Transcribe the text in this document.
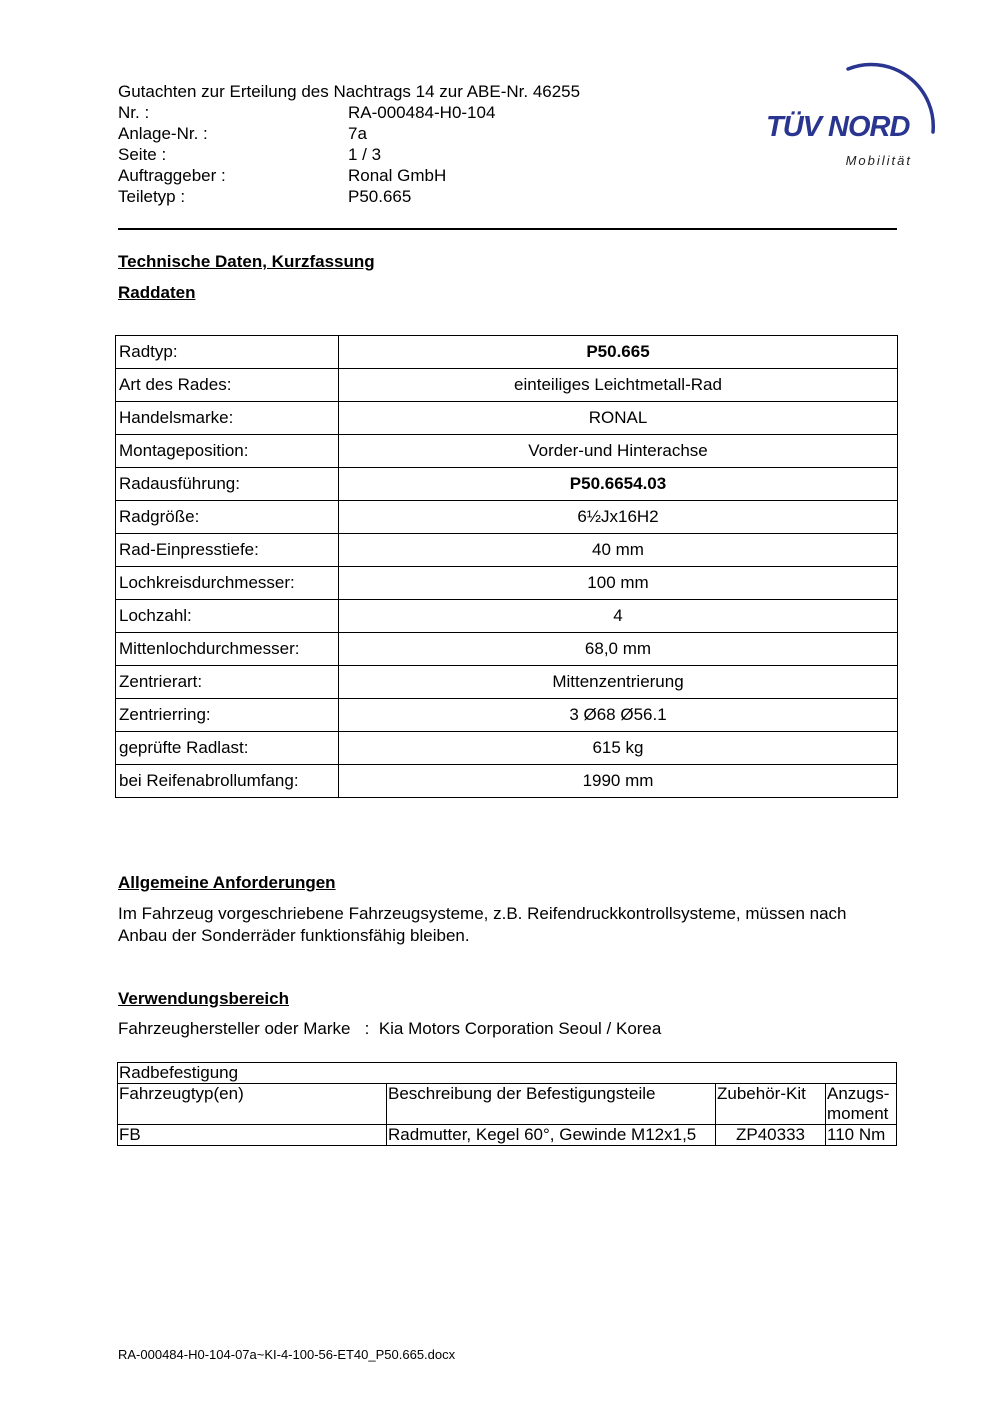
Gutachten zur Erteilung des Nachtrags 14 zur ABE-Nr. 46255
Nr. :	RA-000484-H0-104
Anlage-Nr. :	7a
Seite :	1 / 3
Auftraggeber :	Ronal GmbH
Teiletyp :	P50.665
TÜV NORD
Mobilität
Technische Daten, Kurzfassung
Raddaten
Radtyp:	P50.665
Art des Rades:	einteiliges Leichtmetall-Rad
Handelsmarke:	RONAL
Montageposition:	Vorder-und Hinterachse
Radausführung:	P50.6654.03
Radgröße:	6½Jx16H2
Rad-Einpresstiefe:	40 mm
Lochkreisdurchmesser:	100 mm
Lochzahl:	4
Mittenlochdurchmesser:	68,0 mm
Zentrierart:	Mittenzentrierung
Zentrierring:	3 Ø68 Ø56.1
geprüfte Radlast:	615 kg
bei Reifenabrollumfang:	1990 mm
Allgemeine Anforderungen
Im Fahrzeug vorgeschriebene Fahrzeugsysteme, z.B. Reifendruckkontrollsysteme, müssen nach Anbau der Sonderräder funktionsfähig bleiben.
Verwendungsbereich
Fahrzeughersteller oder Marke : Kia Motors Corporation Seoul / Korea
Radbefestigung			
Fahrzeugtyp(en)	Beschreibung der Befestigungsteile	Zubehör-Kit	Anzugs-moment
FB	Radmutter, Kegel 60°, Gewinde M12x1,5	ZP40333	110 Nm
RA-000484-H0-104-07a~KI-4-100-56-ET40_P50.665.docx
